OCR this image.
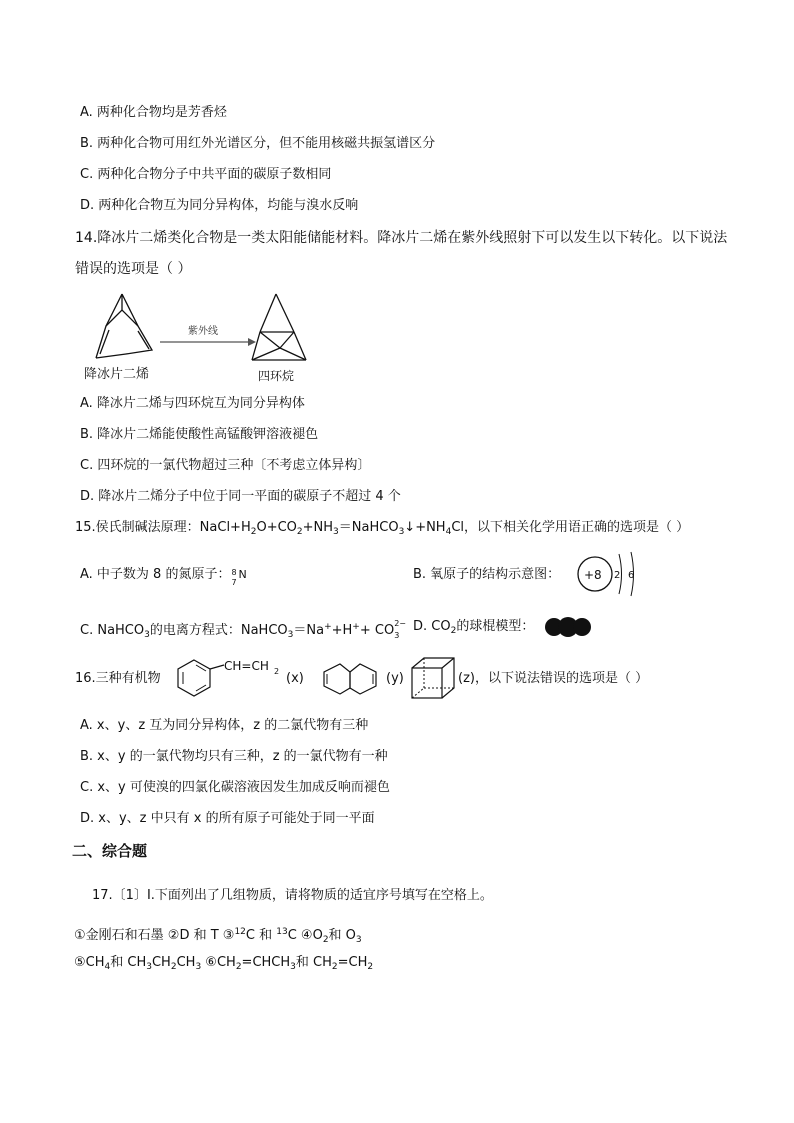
A. 两种化合物均是芳香烃
B. 两种化合物可用红外光谱区分，但不能用核磁共振氢谱区分
C. 两种化合物分子中共平面的碳原子数相同
D. 两种化合物互为同分异构体，均能与溴水反响
14.降冰片二烯类化合物是一类太阳能储能材料。降冰片二烯在紫外线照射下可以发生以下转化。以下说法
错误的选项是（ ）
紫外线
降冰片二烯	四环烷
A. 降冰片二烯与四环烷互为同分异构体
B. 降冰片二烯能使酸性高锰酸钾溶液褪色
C. 四环烷的一氯代物超过三种〔不考虑立体异构〕
D. 降冰片二烯分子中位于同一平面的碳原子不超过 4 个
15.侯氏制碱法原理：$NaCl+H_2O+CO_2+NH_3=NaHCO_3↓+NH_4Cl$，以下相关化学用语正确的选项是（ ）
A. 中子数为 8 的氮原子： 8
7
N	B. 氧原子的结构示意图： +8 2 6
C. NaHCO$_3$的电离方程式：NaHCO$_3$＝Na++H++ CO 2−
3
D. $CO_2$的球棍模型：
16.三种有机物
CH=CH 2 (x)	(y)	(z)，以下说法错误的选项是（ ）
A. x、y、z 互为同分异构体，z 的二氯代物有三种
B. x、y 的一氯代物均只有三种，z 的一氯代物有一种
C. x、y 可使溴的四氯化碳溶液因发生加成反响而褪色
D. x、y、z 中只有 x 的所有原子可能处于同一平面
二、综合题
17.〔1〕Ⅰ.下面列出了几组物质，请将物质的适宜序号填写在空格上。
①金刚石和石墨 ②D 和 T ③$^{12}$C 和 $^{13}$C $④O_2$和 $O_3$
$⑤CH_4$和 $CH_3CH_2CH_3$ $⑥CH_2=CHCH_3$和 $CH_2=CH_2$
